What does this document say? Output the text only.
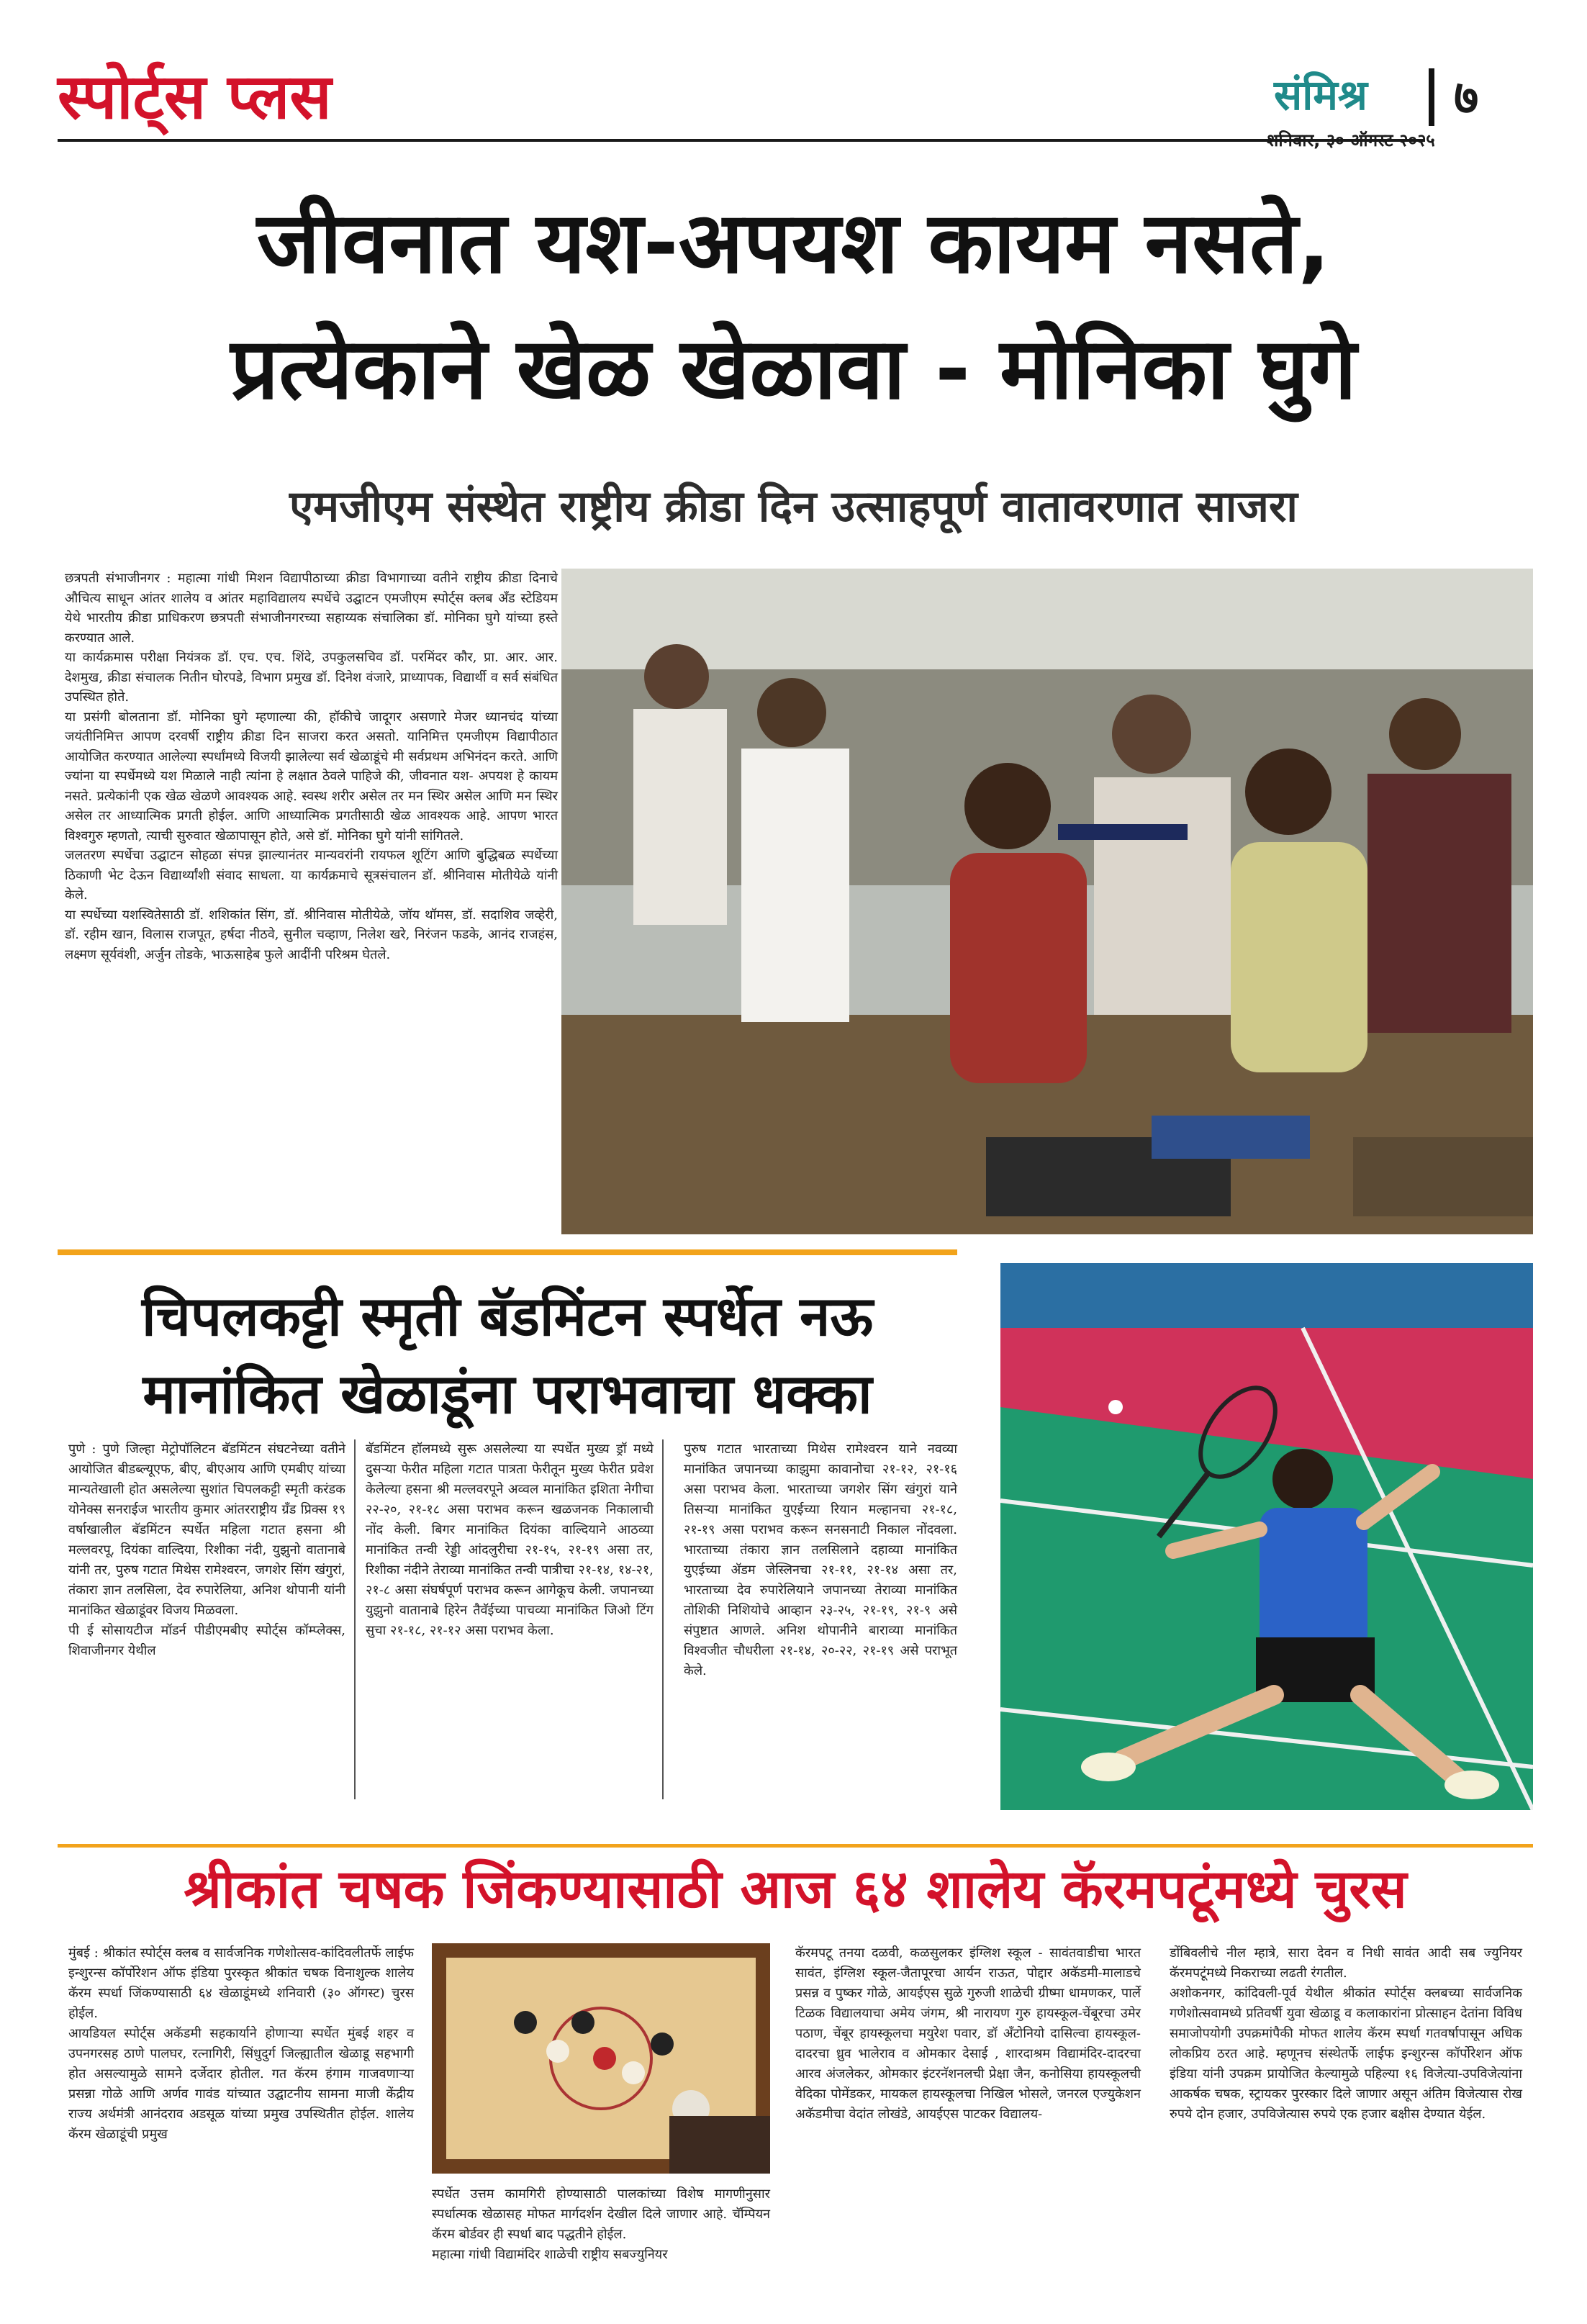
स्पोर्ट्स प्लस	संमिश्र ७
शनिवार, ३० ऑगस्ट २०२५
जीवनात यश-अपयश कायम नसते,
प्रत्येकाने खेळ खेळावा - मोनिका घुगे
एमजीएम संस्थेत राष्ट्रीय क्रीडा दिन उत्साहपूर्ण वातावरणात साजरा
छत्रपती संभाजीनगर : महात्मा गांधी मिशन विद्यापीठाच्या क्रीडा विभागाच्या वतीने राष्ट्रीय क्रीडा दिनाचे औचित्य साधून आंतर शालेय व आंतर महाविद्यालय स्पर्धेचे उद्घाटन एमजीएम स्पोर्ट्स क्लब अँड स्टेडियम येथे भारतीय क्रीडा प्राधिकरण छत्रपती संभाजीनगरच्या सहाय्यक संचालिका डॉ. मोनिका घुगे यांच्या हस्ते करण्यात आले.
या कार्यक्रमास परीक्षा नियंत्रक डॉ. एच. एच. शिंदे, उपकुलसचिव डॉ. परमिंदर कौर, प्रा. आर. आर. देशमुख, क्रीडा संचालक नितीन घोरपडे, विभाग प्रमुख डॉ. दिनेश वंजारे, प्राध्यापक, विद्यार्थी व सर्व संबंधित उपस्थित होते.
या प्रसंगी बोलताना डॉ. मोनिका घुगे म्हणाल्या की, हॉकीचे जादूगर असणारे मेजर ध्यानचंद यांच्या जयंतीनिमित्त आपण दरवर्षी राष्ट्रीय क्रीडा दिन साजरा करत असतो. यानिमित्त एमजीएम विद्यापीठात आयोजित करण्यात आलेल्या स्पर्धांमध्ये विजयी झालेल्या सर्व खेळाडूंचे मी सर्वप्रथम अभिनंदन करते. आणि ज्यांना या स्पर्धेमध्ये यश मिळाले नाही त्यांना हे लक्षात ठेवले पाहिजे की, जीवनात यश- अपयश हे कायम नसते. प्रत्येकांनी एक खेळ खेळणे आवश्यक आहे. स्वस्थ शरीर असेल तर मन स्थिर असेल आणि मन स्थिर असेल तर आध्यात्मिक प्रगती होईल. आणि आध्यात्मिक प्रगतीसाठी खेळ आवश्यक आहे. आपण भारत विश्वगुरु म्हणतो, त्याची सुरुवात खेळापासून होते, असे डॉ. मोनिका घुगे यांनी सांगितले.
जलतरण स्पर्धेचा उद्घाटन सोहळा संपन्न झाल्यानंतर मान्यवरांनी रायफल शूटिंग आणि बुद्धिबळ स्पर्धेच्या ठिकाणी भेट देऊन विद्यार्थ्यांशी संवाद साधला. या कार्यक्रमाचे सूत्रसंचालन डॉ. श्रीनिवास मोतीयेळे यांनी केले.
या स्पर्धेच्या यशस्वितेसाठी डॉ. शशिकांत सिंग, डॉ. श्रीनिवास मोतीयेळे, जॉय थॉमस, डॉ. सदाशिव जव्हेरी, डॉ. रहीम खान, विलास राजपूत, हर्षदा नीठवे, सुनील चव्हाण, निलेश खरे, निरंजन फडके, आनंद राजहंस, लक्ष्मण सूर्यवंशी, अर्जुन तोडके, भाऊसाहेब फुले आदींनी परिश्रम घेतले.
चिपलकट्टी स्मृती बॅडमिंटन स्पर्धेत नऊ
मानांकित खेळाडूंना पराभवाचा धक्का
पुणे : पुणे जिल्हा मेट्रोपॉलिटन बॅडमिंटन संघटनेच्या वतीने आयोजित बीडब्ल्यूएफ, बीए, बीएआय आणि एमबीए यांच्या मान्यतेखाली होत असलेल्या सुशांत चिपलकट्टी स्मृती करंडक योनेक्स सनराईज भारतीय कुमार आंतरराष्ट्रीय ग्रँड प्रिक्स १९ वर्षाखालील बॅडमिंटन स्पर्धेत महिला गटात हसना श्री मल्लवरपू, दियंका वाल्दिया, रिशीका नंदी, युझुनो वातानाबे यांनी तर, पुरुष गटात मिथेस रामेश्वरन, जगशेर सिंग खंगुरां, तंकारा ज्ञान तलसिला, देव रुपारेलिया, अनिश थोपानी यांनी मानांकित खेळाडूंवर विजय मिळवला.
पी ई सोसायटीज मॉडर्न पीडीएमबीए स्पोर्ट्स कॉम्प्लेक्स, शिवाजीनगर येथील
बॅडमिंटन हॉलमध्ये सुरू असलेल्या या स्पर्धेत मुख्य ड्रॉ मध्ये दुसऱ्या फेरीत महिला गटात पात्रता फेरीतून मुख्य फेरीत प्रवेश केलेल्या हसना श्री मल्लवरपूने अव्वल मानांकित इशिता नेगीचा २२-२०, २१-१८ असा पराभव करून खळजनक निकालाची नोंद केली. बिगर मानांकित दियंका वाल्दियाने आठव्या मानांकित तन्वी रेड्डी आंदलुरीचा २१-१५, २१-१९ असा तर, रिशीका नंदीने तेराव्या मानांकित तन्वी पात्रीचा २१-१४, १४-२१, २१-८ असा संघर्षपूर्ण पराभव करून आगेकूच केली. जपानच्या युझुनो वातानाबे हिरेन तैवॅईच्या पाचव्या मानांकित जिओ टिंग सुचा २१-१८, २१-१२ असा पराभव केला.
पुरुष गटात भारताच्या मिथेस रामेश्वरन याने नवव्या मानांकित जपानच्या काझुमा कावानोचा २१-१२, २१-१६ असा पराभव केला. भारताच्या जगशेर सिंग खंगुरां याने तिसऱ्या मानांकित युएईच्या रियान मल्हानचा २१-१८, २१-१९ असा पराभव करून सनसनाटी निकाल नोंदवला. भारताच्या तंकारा ज्ञान तलसिलाने दहाव्या मानांकित युएईच्या ॲडम जेस्लिनचा २१-११, २१-१४ असा तर, भारताच्या देव रुपारेलियाने जपानच्या तेराव्या मानांकित तोशिकी निशियोचे आव्हान २३-२५, २१-१९, २१-९ असे संपुष्टात आणले. अनिश थोपानीने बाराव्या मानांकित विश्वजीत चौधरीला २१-१४, २०-२२, २१-१९ असे पराभूत केले.
श्रीकांत चषक जिंकण्यासाठी आज ६४ शालेय कॅरमपटूंमध्ये चुरस
मुंबई : श्रीकांत स्पोर्ट्स क्लब व सार्वजनिक गणेशोत्सव-कांदिवलीतर्फे लाईफ इन्शुरन्स कॉर्पोरेशन ऑफ इंडिया पुरस्कृत श्रीकांत चषक विनाशुल्क शालेय कॅरम स्पर्धा जिंकण्यासाठी ६४ खेळाडूंमध्ये शनिवारी (३० ऑगस्ट) चुरस होईल.
आयडियल स्पोर्ट्स अकॅडमी सहकार्याने होणाऱ्या स्पर्धेत मुंबई शहर व उपनगरसह ठाणे पालघर, रत्नागिरी, सिंधुदुर्ग जिल्ह्यातील खेळाडू सहभागी होत असल्यामुळे सामने दर्जेदार होतील. गत कॅरम हंगाम गाजवणाऱ्या प्रसन्ना गोळे आणि अर्णव गावंड यांच्यात उद्घाटनीय सामना माजी केंद्रीय राज्य अर्थमंत्री आनंदराव अडसूळ यांच्या प्रमुख उपस्थितीत होईल. शालेय कॅरम खेळाडूंची प्रमुख
स्पर्धेत उत्तम कामगिरी होण्यासाठी पालकांच्या विशेष मागणीनुसार स्पर्धात्मक खेळासह मोफत मार्गदर्शन देखील दिले जाणार आहे. चॅम्पियन कॅरम बोर्डवर ही स्पर्धा बाद पद्धतीने होईल.
महात्मा गांधी विद्यामंदिर शाळेची राष्ट्रीय सबज्युनियर
कॅरमपटू तनया दळवी, कळसुलकर इंग्लिश स्कूल - सावंतवाडीचा भारत सावंत, इंग्लिश स्कूल-जैतापूरचा आर्यन राऊत, पोद्दार अकॅडमी-मालाडचे प्रसन्न व पुष्कर गोळे, आयईएस सुळे गुरुजी शाळेची ग्रीष्मा धामणकर, पार्ले टिळक विद्यालयाचा अमेय जंगम, श्री नारायण गुरु हायस्कूल-चेंबूरचा उमेर पठाण, चेंबूर हायस्कूलचा मयुरेश पवार, डॉ अँटोनियो दासिल्वा हायस्कूल-दादरचा ध्रुव भालेराव व ओमकार देसाई , शारदाश्रम विद्यामंदिर-दादरचा आरव अंजलेकर, ओमकार इंटरनॅशनलची प्रेक्षा जैन, कनोसिया हायस्कूलची वेदिका पोमेंडकर, मायकल हायस्कूलचा निखिल भोसले, जनरल एज्युकेशन अकॅडमीचा वेदांत लोखंडे, आयईएस पाटकर विद्यालय-
डोंबिवलीचे नील म्हात्रे, सारा देवन व निधी सावंत आदी सब ज्युनियर कॅरमपटूंमध्ये निकराच्या लढती रंगतील.
अशोकनगर, कांदिवली-पूर्व येथील श्रीकांत स्पोर्ट्स क्लबच्या सार्वजनिक गणेशोत्सवामध्ये प्रतिवर्षी युवा खेळाडू व कलाकारांना प्रोत्साहन देतांना विविध समाजोपयोगी उपक्रमांपैकी मोफत शालेय कॅरम स्पर्धा गतवर्षापासून अधिक लोकप्रिय ठरत आहे. म्हणूनच संस्थेतर्फे लाईफ इन्शुरन्स कॉर्पोरेशन ऑफ इंडिया यांनी उपक्रम प्रायोजित केल्यामुळे पहिल्या १६ विजेत्या-उपविजेत्यांना आकर्षक चषक, स्ट्रायकर पुरस्कार दिले जाणार असून अंतिम विजेत्यास रोख रुपये दोन हजार, उपविजेत्यास रुपये एक हजार बक्षीस देण्यात येईल.
